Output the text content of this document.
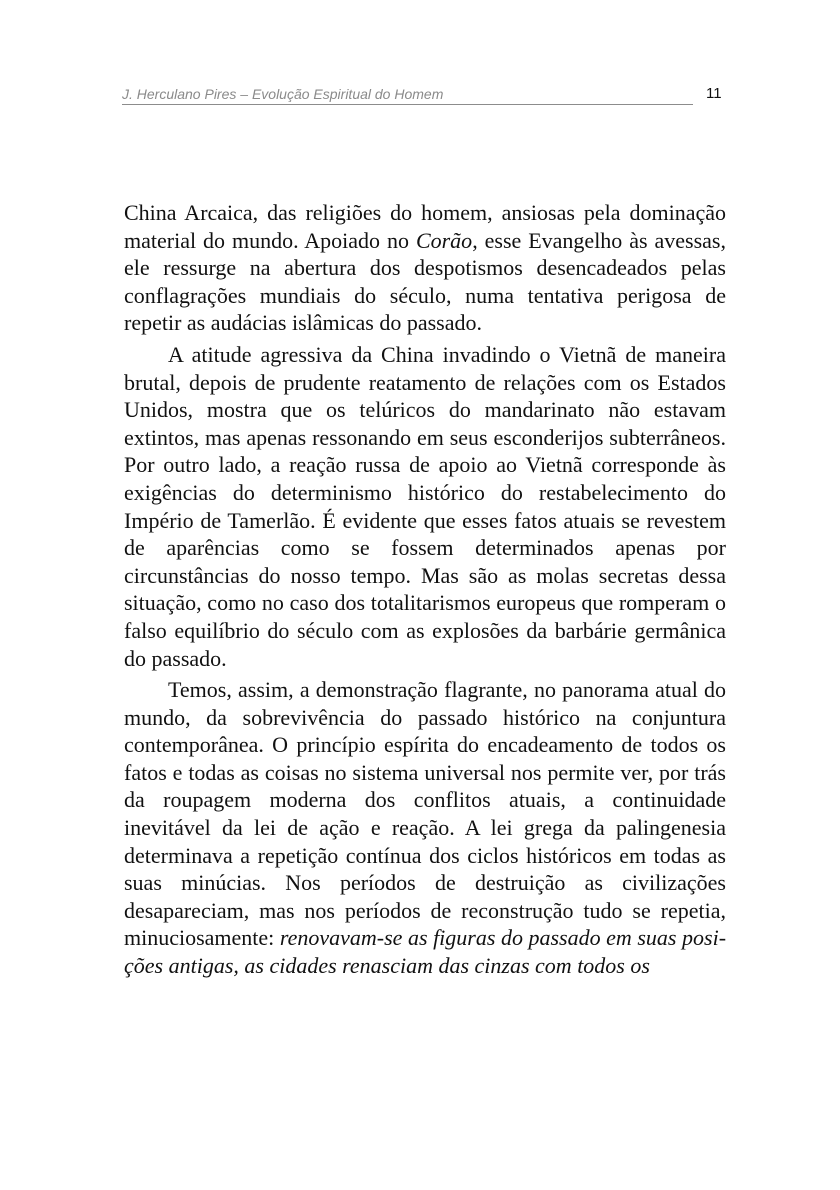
J. Herculano Pires – Evolução Espiritual do Homem	11

China Arcaica, das religiões do homem, ansiosas pela dominação material do mundo. Apoiado no Corão, esse Evangelho às avessas, ele ressurge na abertura dos despotismos desencadeados pelas conflagrações mundiais do século, numa tentativa perigosa de repetir as audácias islâmicas do passado.

A atitude agressiva da China invadindo o Vietnã de maneira brutal, depois de prudente reatamento de relações com os Estados Unidos, mostra que os telúricos do mandarinato não estavam extintos, mas apenas ressonando em seus esconderijos subterrâneos. Por outro lado, a reação russa de apoio ao Vietnã corresponde às exigências do determinismo histórico do restabelecimento do Império de Tamerlão. É evidente que esses fatos atuais se revestem de aparências como se fossem determinados apenas por circunstâncias do nosso tempo. Mas são as molas secretas dessa situação, como no caso dos totalitarismos europeus que romperam o falso equilíbrio do século com as explosões da barbárie germânica do passado.

Temos, assim, a demonstração flagrante, no panorama atual do mundo, da sobrevivência do passado histórico na conjuntura contemporânea. O princípio espírita do encadeamento de todos os fatos e todas as coisas no sistema universal nos permite ver, por trás da roupagem moderna dos conflitos atuais, a continuidade inevitável da lei de ação e reação. A lei grega da palingenesia determinava a repetição contínua dos ciclos históricos em todas as suas minúcias. Nos períodos de destruição as civilizações desapareciam, mas nos períodos de reconstrução tudo se repetia, minuciosamente: renovavam-se as figuras do passado em suas posições antigas, as cidades renasciam das cinzas com todos os
